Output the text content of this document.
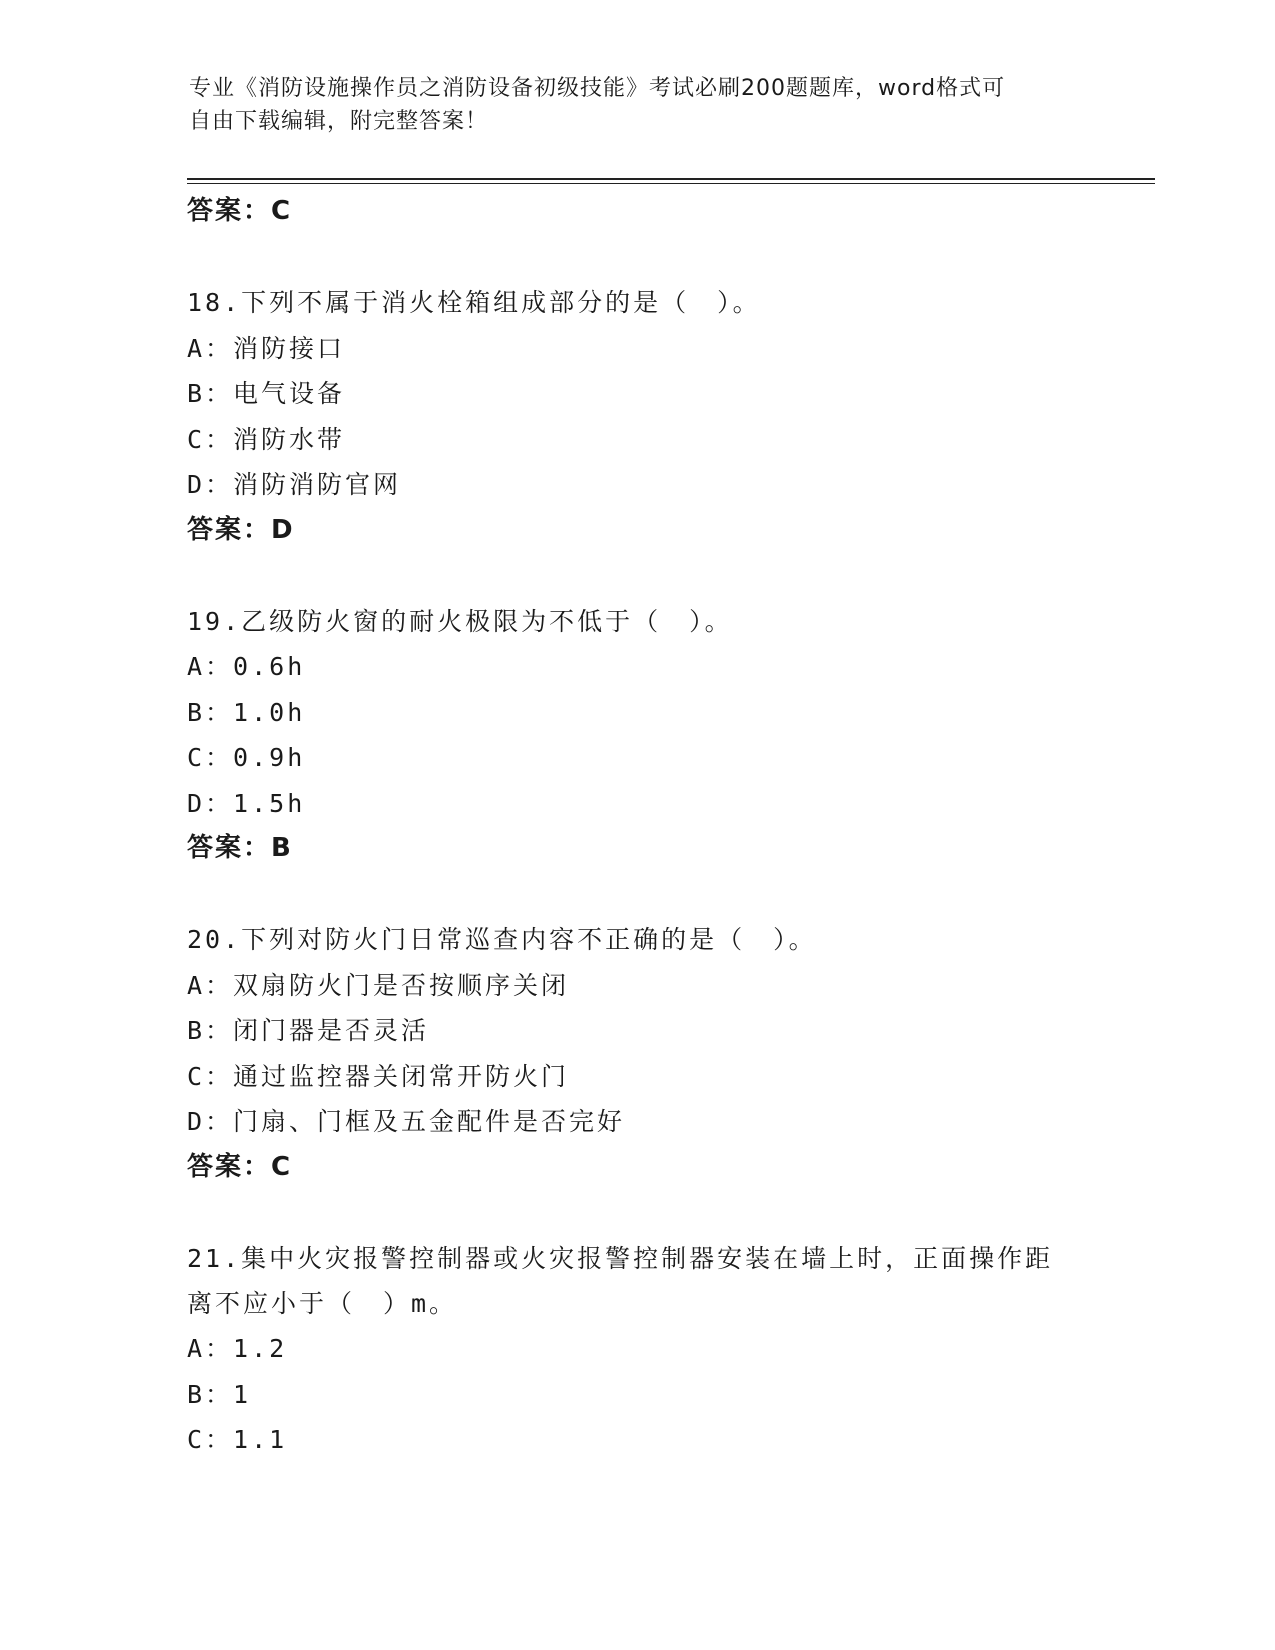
专业《消防设施操作员之消防设备初级技能》考试必刷200题题库，word格式可
自由下载编辑，附完整答案！
答案：C
18.下列不属于消火栓箱组成部分的是（　）。
A：消防接口
B：电气设备
C：消防水带
D：消防消防官网
答案：D
19.乙级防火窗的耐火极限为不低于（　）。
A：0.6h
B：1.0h
C：0.9h
D：1.5h
答案：B
20.下列对防火门日常巡查内容不正确的是（　）。
A：双扇防火门是否按顺序关闭
B：闭门器是否灵活
C：通过监控器关闭常开防火门
D：门扇、门框及五金配件是否完好
答案：C
21.集中火灾报警控制器或火灾报警控制器安装在墙上时，正面操作距
离不应小于（　）m。
A：1.2
B：1
C：1.1
